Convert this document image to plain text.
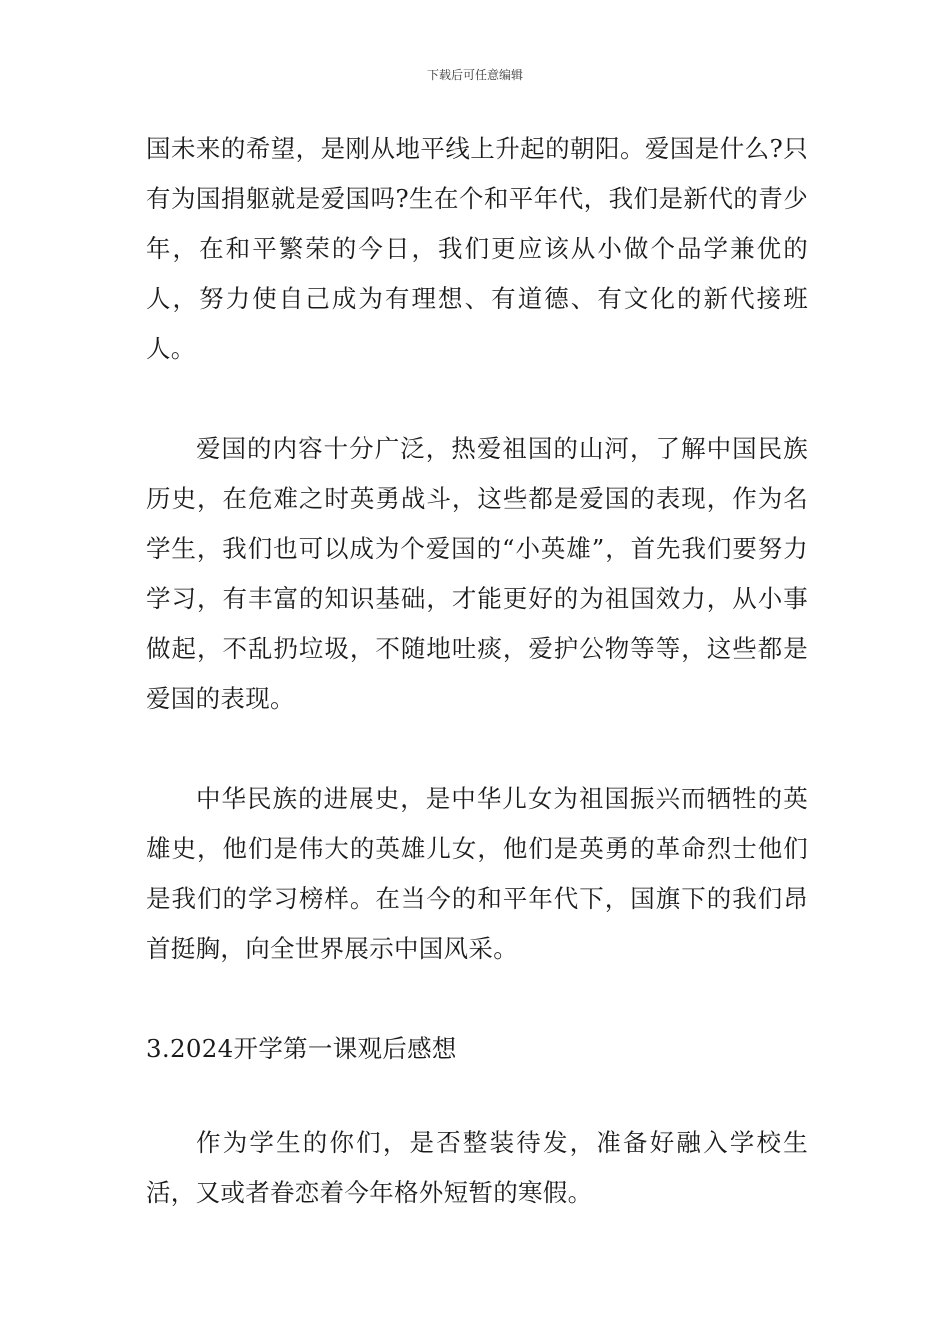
下载后可任意编辑

国未来的希望，是刚从地平线上升起的朝阳。爱国是什么?只有为国捐躯就是爱国吗?生在个和平年代，我们是新代的青少年，在和平繁荣的今日，我们更应该从小做个品学兼优的人，努力使自己成为有理想、有道德、有文化的新代接班人。

爱国的内容十分广泛，热爱祖国的山河，了解中国民族历史，在危难之时英勇战斗，这些都是爱国的表现，作为名学生，我们也可以成为个爱国的“小英雄”，首先我们要努力学习，有丰富的知识基础，才能更好的为祖国效力，从小事做起，不乱扔垃圾，不随地吐痰，爱护公物等等，这些都是爱国的表现。

中华民族的进展史，是中华儿女为祖国振兴而牺牲的英雄史，他们是伟大的英雄儿女，他们是英勇的革命烈士他们是我们的学习榜样。在当今的和平年代下，国旗下的我们昂首挺胸，向全世界展示中国风采。

3.2024开学第一课观后感想

作为学生的你们，是否整装待发，准备好融入学校生活，又或者眷恋着今年格外短暂的寒假。
